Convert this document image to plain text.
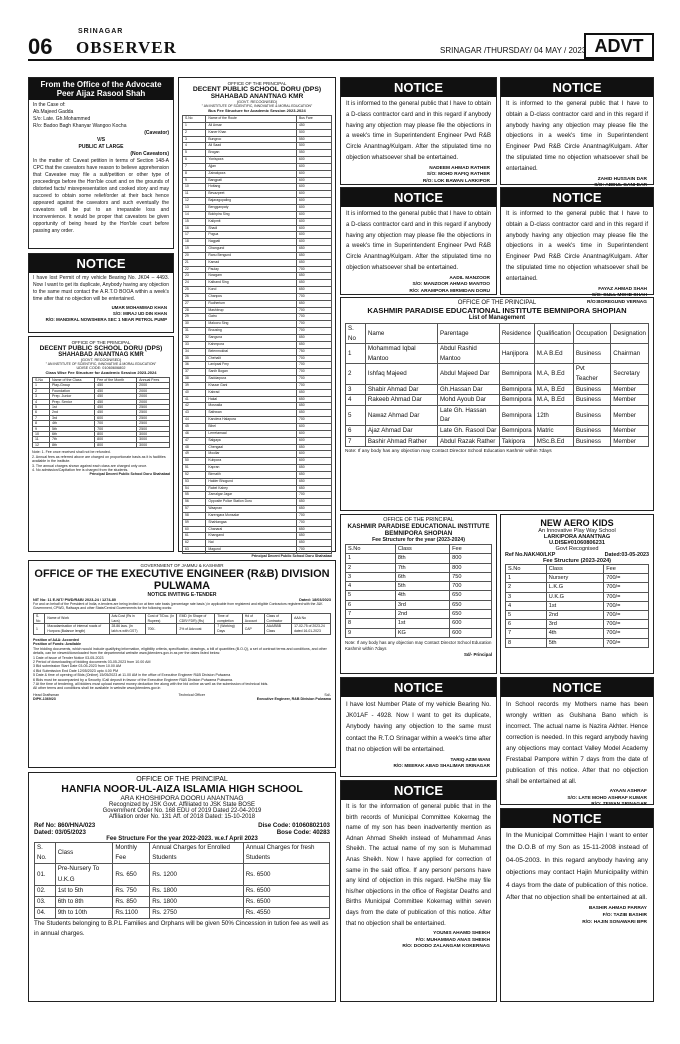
06
SRINAGAR
OBSERVER	SRINAGAR /THURSDAY/ 04 MAY / 2023 ADVT
From the Office of the Advocate Peer Aijaz Rasool Shah
In the Case of:
Ab.Majeed Gadda
S/o: Late. Gh.Mohammed
R/o: Badoo Bagh Khanyar Wangoo Kocha
(Caveator)
V/S
PUBLIC AT LARGE
(Non Caveators)
In the matter of: Caveat petition in terms of Section 148-A CPC that the caveators have reason to believe apprehension that Caveatee may file a suit/petition or other type of proceedings before the Hon'ble court and on the grounds of distorted facts/ misrepresentation and cooked story and may succeed to obtain some relief/order at their back hence appeared against the caveators and such eventually the caveators will be put to an irreparable loss and inconvenience. It would be proper that caveators be given opportunity of being heard by the Hon'ble court before passing any order.
NOTICE
I have lost Permit of my vehicle Bearing No. JK04 – 4493. Now I want to get its duplicate, Anybody having any objection to the same must contact the A.R.T.O BOOA within a week's time after that no objection will be entertained.
UMAR MOHAMMAD KHAN
S/O: MIRAJ UD DIN KHAN
R/O: MANDIRAL NOWSHERA SEC 1 NEAR PETROL PUMP
OFFICE OF THE PRINCIPAL
DECENT PUBLIC SCHOOL DORU (DPS)
SHAHABAD ANANTNAG KMR
(GOVT. RECOGNISED)
" AN INSTITUTE OF SCIENTIFIC, INNOVATIVE & MORAL EDUCATION"
UDISE CODE: 01060606802
Class Wise Fee Structure for Academic Session 2023-2024
S.No	Name of the Class	Fee of the Month	Annual Fees
1	Play-Group	450	2000
2	Foundation	450	2000
3	Prep. Junior	450	2000
4	Prep. Senior	450	2000
5	1st	450	2500
6	2nd	450	2500
7	3rd	600	2500
8	4th	700	2500
9	5th	700	2500
10	6th	800	3000
11	7th	800	3000
12	8th	800	3000
Note: 1. Fee once received shall not be refunded.
2. Annual fees as referred above are charged on proportionate basis as it is facilities available in the institute.
3. The annual charges shown against each class are charged only once.
4. No admission/Capitation fee is charged from the students.
Principal Decent Public School Doru Shahabad
OFFICE OF THE PRINCIPAL
DECENT PUBLIC SCHOOL DORU (DPS)
SHAHABAD ANANTNAG KMR
(GOVT. RECOGNISED)
" AN INSTITUTE OF SCIENTIFIC, INNOVATIVE & MORAL EDUCATION"
Bus Fee Structure for Academic Session 2023-2024
S.No	Name of the Route	Bus Fare
1	Ali Ansar	450
2	Kaner Khan	500
3	Bungroo	550
4	Ali Saad	500
5	Brogan	550
6	Yonispora	600
7	Ajjan	600
8	Zainakpora	600
9	Bangpati	600
10	Hottang	600
11	Bevazpeet	600
12	Bajaragopaling	600
13	Bengganpaty	600
14	Bokhpira Sing	600
15	Kalipmit	600
16	Shadi	600
17	Pogua	600
18	Nagpati	600
19	Ghangund	650
20	Ranu Bengund	650
21	Kamad	650
22	Paulay	700
23	Nowgam	650
24	Kalband Sing	650
25	Kond	650
26	Chanpos	700
27	Rudherium	650
28	Mashbrup	700
29	Gatro	700
30	Malooru Sing	700
31	Bruusing	700
32	Sanguna	650
33	Kahmpora	650
34	Belenmokbal	750
35	Chehalit	700
36	Lanipaal Fmy	700
37	Sanih Bogan	700
38	Saddarpura	700
39	Khazar Gani	700
40	Kabrad	650
41	Hakal	650
42	Mosnaila	650
43	Sathwan	650
44	Kandera Halapora	700
45	Bihel	600
46	Lerretamaal	600
47	Salgaya	600
48	Chengaal	650
49	Moollar	600
50	Kubpora	600
51	Kapran	650
52	Birmatih	650
53	Halder Bhogund	650
54	Rabel Kabey	650
55	Zamalgar Jagar	700
56	Opposite Police Station Doru	650
57	Waapran	650
58	Karengara Monsalar	700
59	Shahlangaa	700
60	Chanaral	650
61	Khangand	650
62	Nai	650
63	Magund	700
Principal Decent Public School Doru Shahabad
NOTICE
It is informed to the general public that I have to obtain a D-class contractor card and in this regard if anybody having any objection may please file the objections in a week's time in Superintendent Engineer Pwd R&B Circle Anantnag/Kulgam. After the stipulated time no objection whatsoever shall be entertained.
NADEEM AHMAD RATHER
S/O: MOHD RAFIQ RATHER
R/O: LOK BAWAN LARKIPOR
NOTICE
It is informed to the general public that I have to obtain a D-class contractor card and in this regard if anybody having any objection may please file the objections in a week's time in Superintendent Engineer Pwd R&B Circle Anantnag/Kulgam. After the stipulated time no objection whatsoever shall be entertained.
ZAHID HUSSAIN DAR
S/O: ABDUL GANI DAR
NOTICE
It is informed to the general public that I have to obtain a D-class contractor card and in this regard if anybody having any objection may please file the objections in a week's time in Superintendent Engineer Pwd R&B Circle Anantnag/Kulgam. After the stipulated time no objection whatsoever shall be entertained.
AADIL MANZOOR
S/O: MANZOOR AHMAD MANTOO
R/O: ARAMPORA MIRMIDAN DORU
NOTICE
It is informed to the general public that I have to obtain a D-class contractor card and in this regard if anybody having any objection may please file the objections in a week's time in Superintendent Engineer Pwd R&B Circle Anantnag/Kulgam. After the stipulated time no objection whatsoever shall be entertained.
FAYAZ AHMAD SHAH
S/O: GULL MOHD SHAH
R/O:BOREGUND VERNAG
OFFICE OF THE PRINCIPAL
KASHMIR PARADISE EDUCATIONAL INSTITUTE BEMNIPORA SHOPIAN
List of Management
S. No	Name	Parentage	Residence	Qualification	Occupation	Designation
1	Mohammad Iqbal Mantoo	Abdul Rashid Mantoo	Hanjipora	M.A B.Ed	Business	Chairman
2	Ishfaq Majeed	Abdul Majeed Dar	Bemnipora	M.A, B.Ed	Pvt Teacher	Secretary
3	Shabir Ahmad Dar	Gh.Hassan Dar	Bemnipora	M.A, B.Ed	Business	Member
4	Rakeeb Ahmad Dar	Mohd Ayoub Dar	Bemnipora	M.A, B.Ed	Business	Member
5	Nawaz Ahmad Dar	Late Gh. Hassan Dar	Bemnipora	12th	Business	Member
6	Ajaz Ahmad Dar	Late Gh. Rasool Dar	Bemnipora	Matric	Business	Member
7	Bashir Ahmad Rather	Abdul Razak Rather	Takipora	MSc.B.Ed	Business	Member
Note: If any body has any objection may Contact Director School Education Kashmir within 7days
GOVERNMENT OF JAMMU & KASHMIR
OFFICE OF THE EXECUTIVE ENGINEER (R&B) DIVISION PULWAMA
NOTICE INVITING E-TENDER
NIT No: 11 E-NIT/ PWD/R&B/ 2023-24 / 1274-80	Dated: 18/03/2023
For and on behalf of the President of India, e-tenders are being invited on at item rate basis (percentage rate basis ) in applicable from registered and eligible Contractors registered with the J&K Government, CPWD, Railways and other State/Central Governments for the following works:
S. No	Name of Work	Adv.Cost (Rs in Lacs)	Cost of T/Doc. (In Rupees)	EMD (In Shape of CDR/ FDR) (Rs)	Time of completion	Hd of Account	Class of Contractor	AAA No
1	Macadamisation of internal roads of Hurpora (Balance length)	28.86 lacs. (In lakh.rs with GST)	700/-	2% of Adv.cost	7 (Working) Days	CAP	AAA/BBB Class	17-02-75 of 2023-24 dated 16-01-2023
Position of AAA: Accorded
Position of Funds: Available
The bidding documents, which would include qualifying information, eligibility criteria, specification, drawings, a bill of quantities (B.O.Q), a set of contract terms and conditions, and other details, can be viewed/downloaded from the departmental website www.jktenders.gov.in as per the dates listed below:
1 Date of issue of Tender Notice 03-05-2023
2 Period of downloading of bidding documents 03-05-2023 from 10.00 AM
3 Bid submission Start Date 03-05-2023 from 10.00 AM
4 Bid Submission End Date 12/05/2023 upto 4.00 PM
5 Date & time of opening of Bids (Online) 15/05/2023 at 11.00 AM in the office of Executive Engineer R&B Division Pulwama
6 Bids must be accompanied by a Security /Call deposit in favour of the Executive Engineer R&B Division Pulwama Pulwama.
7 At the time of tendering, all bidders must upload earnest money deduction fee along with the bid online as well as the submission of technical bids.
All other terms and conditions shall be available in website www.jktenders.gov.in
Head Draftsman	Technical Officer	Sd/-
DIPK-1369/23	Executive Engineer, R&B Division Pulwama
OFFICE OF THE PRINCIPAL
KASHMIR PARADISE EDUCATIONAL INSTITUTE BEMNIPORA SHOPIAN
Fee Structure for the year (2023-2024)
S.No	Class	Fee
1	8th	800
2	7th	800
3	6th	750
4	5th	700
5	4th	650
6	3rd	650
7	2nd	650
8	1st	600
9	KG	600
Note: If any body has any objection may Contact Director School Education Kashmir within 7days
Sd/- Principal
NEW AERO KIDS
An Innovative Play Way School
LARKIPORA ANANTNAG
U.DISE#01060806231
Govt Recognised
Ref No.NAK/40/LKP	Dated:03-05-2023
Fee Structure (2023-2024)
S.No	Class	Fee
1	Nursery	700/=
2	L.K.G	700/=
3	U.K.G	700/=
4	1st	700/=
5	2nd	700/=
6	3rd	700/=
7	4th	700/=
8	5th	700/=
NOTICE
I have lost Number Plate of my vehicle Bearing No. JK01AF - 4928. Now I want to get its duplicate, Anybody having any objection to the same must contact the R.T.O Srinagar within a week's time after that no objection will be entertained.
TARIQ AZIM WANI
R/O: MEERAK ABAD SHALIMAR SRINAGAR
NOTICE
In School records my Mothers name has been wrongly written as Gulshana Bano which is incorrect. The actual name is Nazira Akhter. Hence correction is needed. In this regard anybody having any objections may contact Valley Model Academy Frestabal Pampore within 7 days from the date of publication of this notice. After that no objection shall be entertained at all.
AYAAN ASHRAF
S/O: LATE MOHD ASHRAF KUMAR
R/O: ZEWAN SRINAGAR
OFFICE OF THE PRINCIPAL
HANFIA NOOR-UL-AIZA ISLAMIA HIGH SCHOOL
ARA KHOSHIPORA DOORU ANANTNAG
Recognized by JSK Govt. Affiliated to JSK State BOSE
Government Order No. 168 EDU of 2019 Dated 22-04-2019
Affiliation order No. 131 Aff. of 2018 Dated: 15-10-2018
Ref No: 860/HNA/023	Dise Code: 01060802103
Dated: 03/05/2023	Bose Code: 40283
Fee Structure For the year 2022-2023. w.e.f April 2023
S. No.	Class	Monthly Fee	Annual Charges for Enrolled Students	Annual Charges for fresh Students
01.	Pre-Nursery To U.K.G	Rs. 650	Rs. 1200	Rs. 6500
02.	1st to 5th	Rs. 750	Rs. 1800	Rs. 6500
03.	6th to 8th	Rs. 850	Rs. 1800	Rs. 6500
04.	9th to 10th	Rs.1100	Rs. 2750	Rs. 4550
The Students belonging to B.P.L Families and Orphans will be given 50% Cincession in tution fee as well as in annual charges.
NOTICE
It is for the information of general public that in the birth records of Municipal Committee Kokernag the name of my son has been inadvertently mention as Adnan Ahmad Sheikh instead of Muhammad Anas Sheikh. The actual name of my son is Muhammad Anas Sheikh. Now I have applied for correction of same in the said office. If any person/ persons have any kind of objection in this regard. He/She may file his/her objections in the office of Registar Deaths and Births Municipal Committee Kokernag within seven days from the date of publication of this notice. After that no objection shall be entertained.
YOUNIS AHAMD SHEIKH
F/O: MUHAMMAD ANAS SHEIKH
R/O: DOODO ZALANGAM KOKERNAG
NOTICE
In the Municipal Committee Hajin I want to enter the D.O.B of my Son as 15-11-2008 instead of 04-05-2003. In this regard anybody having any objections may contact Hajin Municipality within 4 days from the date of publication of this notice. After that no objection shall be entertained at all.
BASHIR AHMAD PARRAY
F/O: TAZIB BASHIR
R/O: HAJIN SONAWARI BPR
